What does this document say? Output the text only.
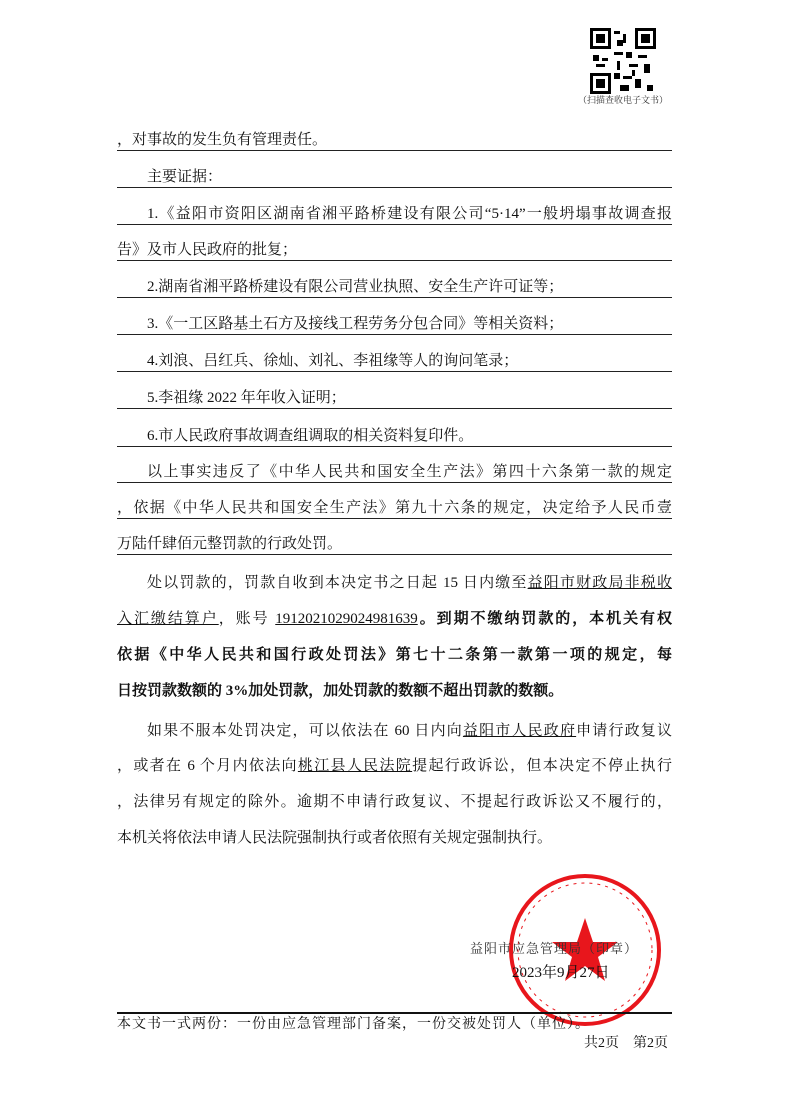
（扫描查收电子文书）
，对事故的发生负有管理责任。
主要证据：
1.《益阳市资阳区湖南省湘平路桥建设有限公司“5·14”一般坍塌事故调查报
告》及市人民政府的批复；
2.湖南省湘平路桥建设有限公司营业执照、安全生产许可证等；
3.《一工区路基土石方及接线工程劳务分包合同》等相关资料；
4.刘浪、吕红兵、徐灿、刘礼、李祖缘等人的询问笔录；
5.李祖缘 2022 年年收入证明；
6.市人民政府事故调查组调取的相关资料复印件。
以上事实违反了《中华人民共和国安全生产法》第四十六条第一款的规定
，依据《中华人民共和国安全生产法》第九十六条的规定，决定给予人民币壹
万陆仟肆佰元整罚款的行政处罚。
处以罚款的，罚款自收到本决定书之日起 15 日内缴至益阳市财政局非税收
入汇缴结算户，账号 19120210290249816​39。到期不缴纳罚款的，本机关有权
依据《中华人民共和国行政处罚法》第七十二条第一款第一项的规定，每
日按罚款数额的 3%加处罚款，加处罚款的数额不超出罚款的数额。
如果不服本处罚决定，可以依法在 60 日内向益阳市人民政府申请行政复议
，或者在 6 个月内依法向桃江县人民法院提起行政诉讼，但本决定不停止执行
，法律另有规定的除外。逾期不申请行政复议、不提起行政诉讼又不履行的，
本机关将依法申请人民法院强制执行或者依照有关规定强制执行。
益阳市应急管理局（印章）
2023年9月27日
本文书一式两份：一份由应急管理部门备案，一份交被处罚人（单位）。
共2页　第2页
